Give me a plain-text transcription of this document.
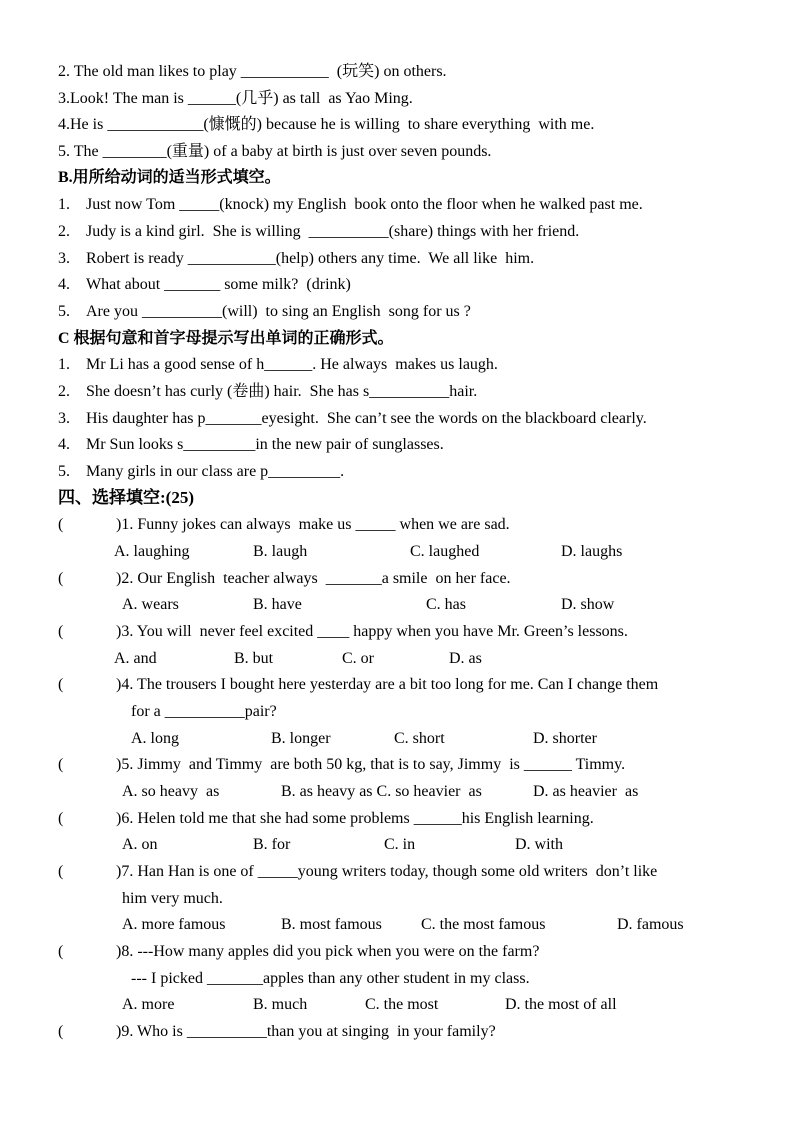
2. The old man likes to play ___________  (玩笑) on others.
3.Look! The man is ______(几乎) as tall  as Yao Ming.
4.He is ____________(慷慨的) because he is willing  to share everything  with me.
5. The ________(重量) of a baby at birth is just over seven pounds.
B.用所给动词的适当形式填空。
1. Just now Tom _____(knock) my English  book onto the floor when he walked past me.
2. Judy is a kind girl.  She is willing  __________(share) things with her friend.
3. Robert is ready ___________(help) others any time.  We all like  him.
4. What about _______ some milk?  (drink)
5. Are you __________(will)  to sing an English  song for us ?
C 根据句意和首字母提示写出单词的正确形式。
1. Mr Li has a good sense of h______. He always  makes us laugh.
2. She doesn’t has curly (卷曲) hair.  She has s__________hair.
3. His daughter has p_______eyesight.  She can’t see the words on the blackboard clearly.
4. Mr Sun looks s_________in the new pair of sunglasses.
5. Many girls in our class are p_________.
四、选择填空:(25)
(	)1. Funny jokes can always  make us _____ when we are sad.
A. laughing	B. laugh	C. laughed	D. laughs
(	)2. Our English  teacher always  _______a smile  on her face.
A. wears	B. have	C. has	D. show
(	)3. You will  never feel excited ____ happy when you have Mr. Green’s lessons.
A. and	B. but	C. or	D. as
(	)4. The trousers I bought here yesterday are a bit too long for me. Can I change them
for a __________pair?
A. long	B. longer	C. short	D. shorter
(	)5. Jimmy  and Timmy  are both 50 kg, that is to say, Jimmy  is ______ Timmy.
A. so heavy  as	B. as heavy as C. so heavier  as	D. as heavier  as
(	)6. Helen told me that she had some problems ______his English learning.
A. on	B. for	C. in	D. with
(	)7. Han Han is one of _____young writers today, though some old writers  don’t like
him very much.
A. more famous	B. most famous C. the most famous	D. famous
(	)8. ---How many apples did you pick when you were on the farm?
--- I picked _______apples than any other student in my class.
A. more	B. much	C. the most	D. the most of all
(	)9. Who is __________than you at singing  in your family?
